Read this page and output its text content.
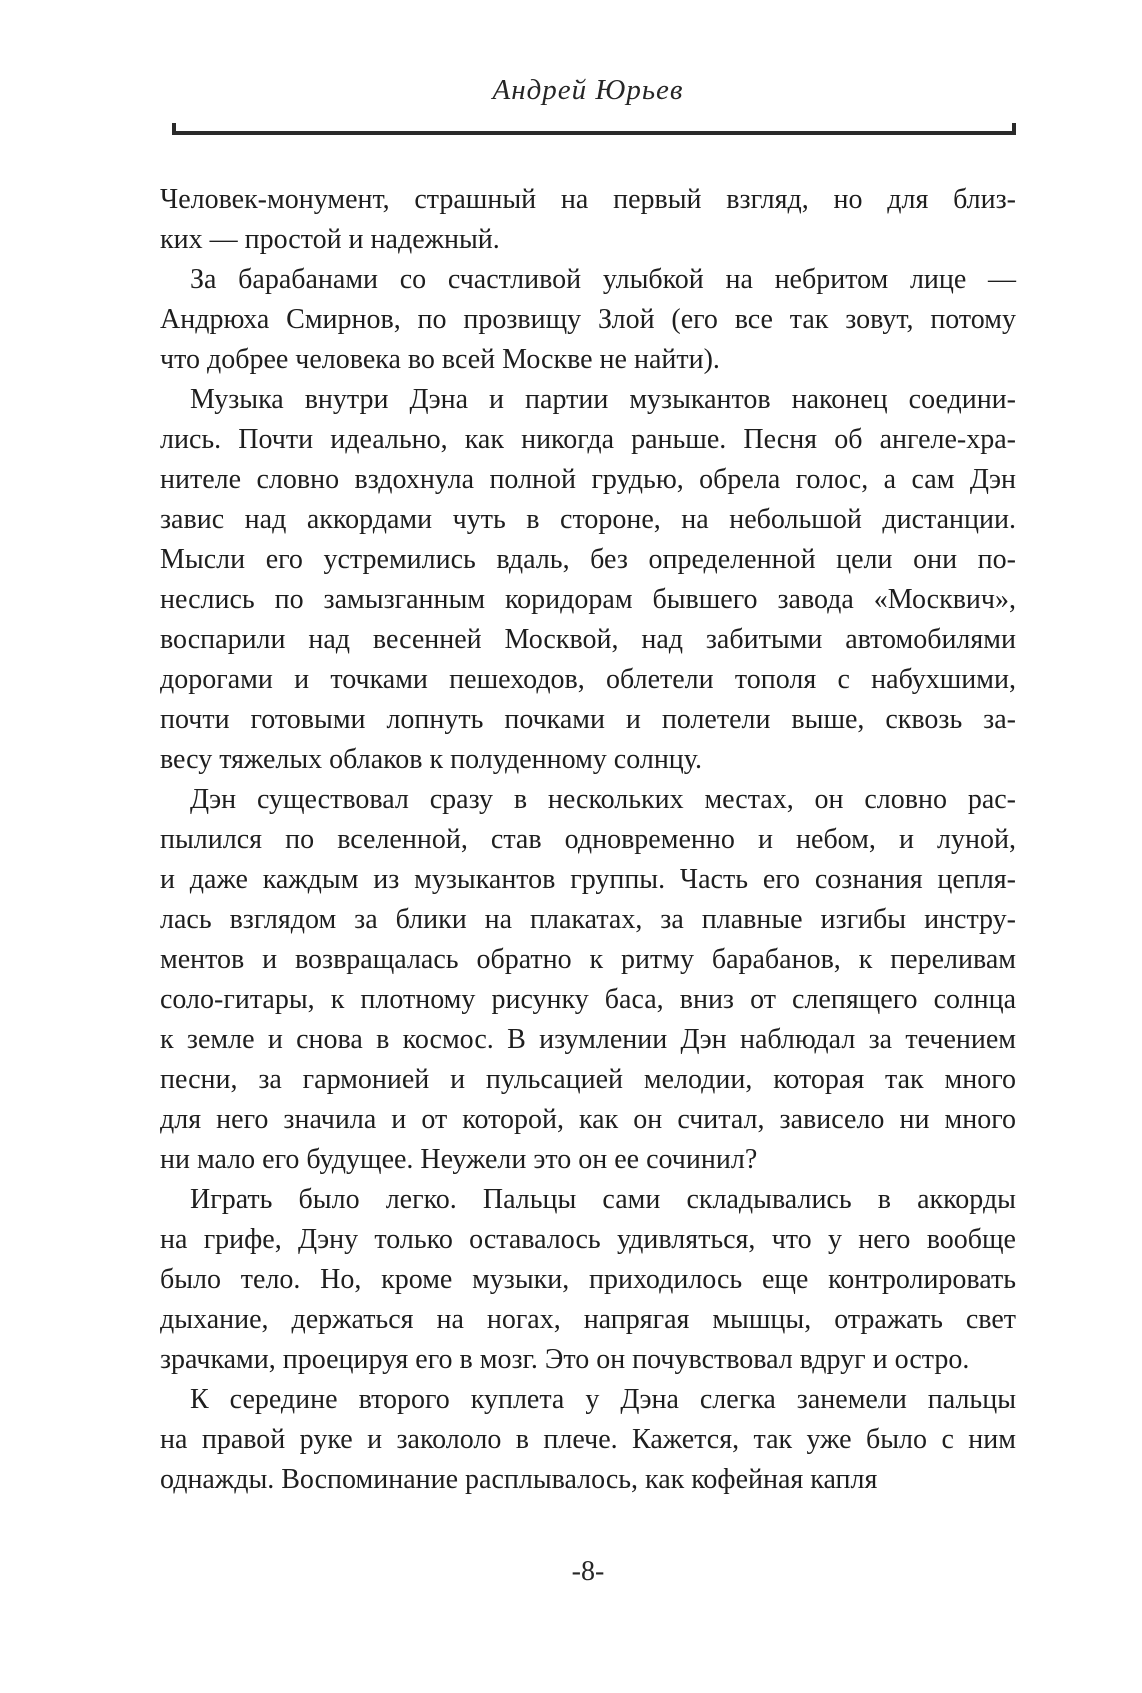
Андрей Юрьев
Человек-монумент, страшный на первый взгляд, но для близ-
ких — простой и надежный.
За барабанами со счастливой улыбкой на небритом лице —
Андрюха Смирнов, по прозвищу Злой (его все так зовут, потому
что добрее человека во всей Москве не найти).
Музыка внутри Дэна и партии музыкантов наконец соедини-
лись. Почти идеально, как никогда раньше. Песня об ангеле-хра-
нителе словно вздохнула полной грудью, обрела голос, а сам Дэн
завис над аккордами чуть в стороне, на небольшой дистанции.
Мысли его устремились вдаль, без определенной цели они по-
неслись по замызганным коридорам бывшего завода «Москвич»,
воспарили над весенней Москвой, над забитыми автомобилями
дорогами и точками пешеходов, облетели тополя с набухшими,
почти готовыми лопнуть почками и полетели выше, сквозь за-
весу тяжелых облаков к полуденному солнцу.
Дэн существовал сразу в нескольких местах, он словно рас-
пылился по вселенной, став одновременно и небом, и луной,
и даже каждым из музыкантов группы. Часть его сознания цепля-
лась взглядом за блики на плакатах, за плавные изгибы инстру-
ментов и возвращалась обратно к ритму барабанов, к переливам
соло-гитары, к плотному рисунку баса, вниз от слепящего солнца
к земле и снова в космос. В изумлении Дэн наблюдал за течением
песни, за гармонией и пульсацией мелодии, которая так много
для него значила и от которой, как он считал, зависело ни много
ни мало его будущее. Неужели это он ее сочинил?
Играть было легко. Пальцы сами складывались в аккорды
на грифе, Дэну только оставалось удивляться, что у него вообще
было тело. Но, кроме музыки, приходилось еще контролировать
дыхание, держаться на ногах, напрягая мышцы, отражать свет
зрачками, проецируя его в мозг. Это он почувствовал вдруг и остро.
К середине второго куплета у Дэна слегка занемели пальцы
на правой руке и закололо в плече. Кажется, так уже было с ним
однажды. Воспоминание расплывалось, как кофейная капля
-8-
